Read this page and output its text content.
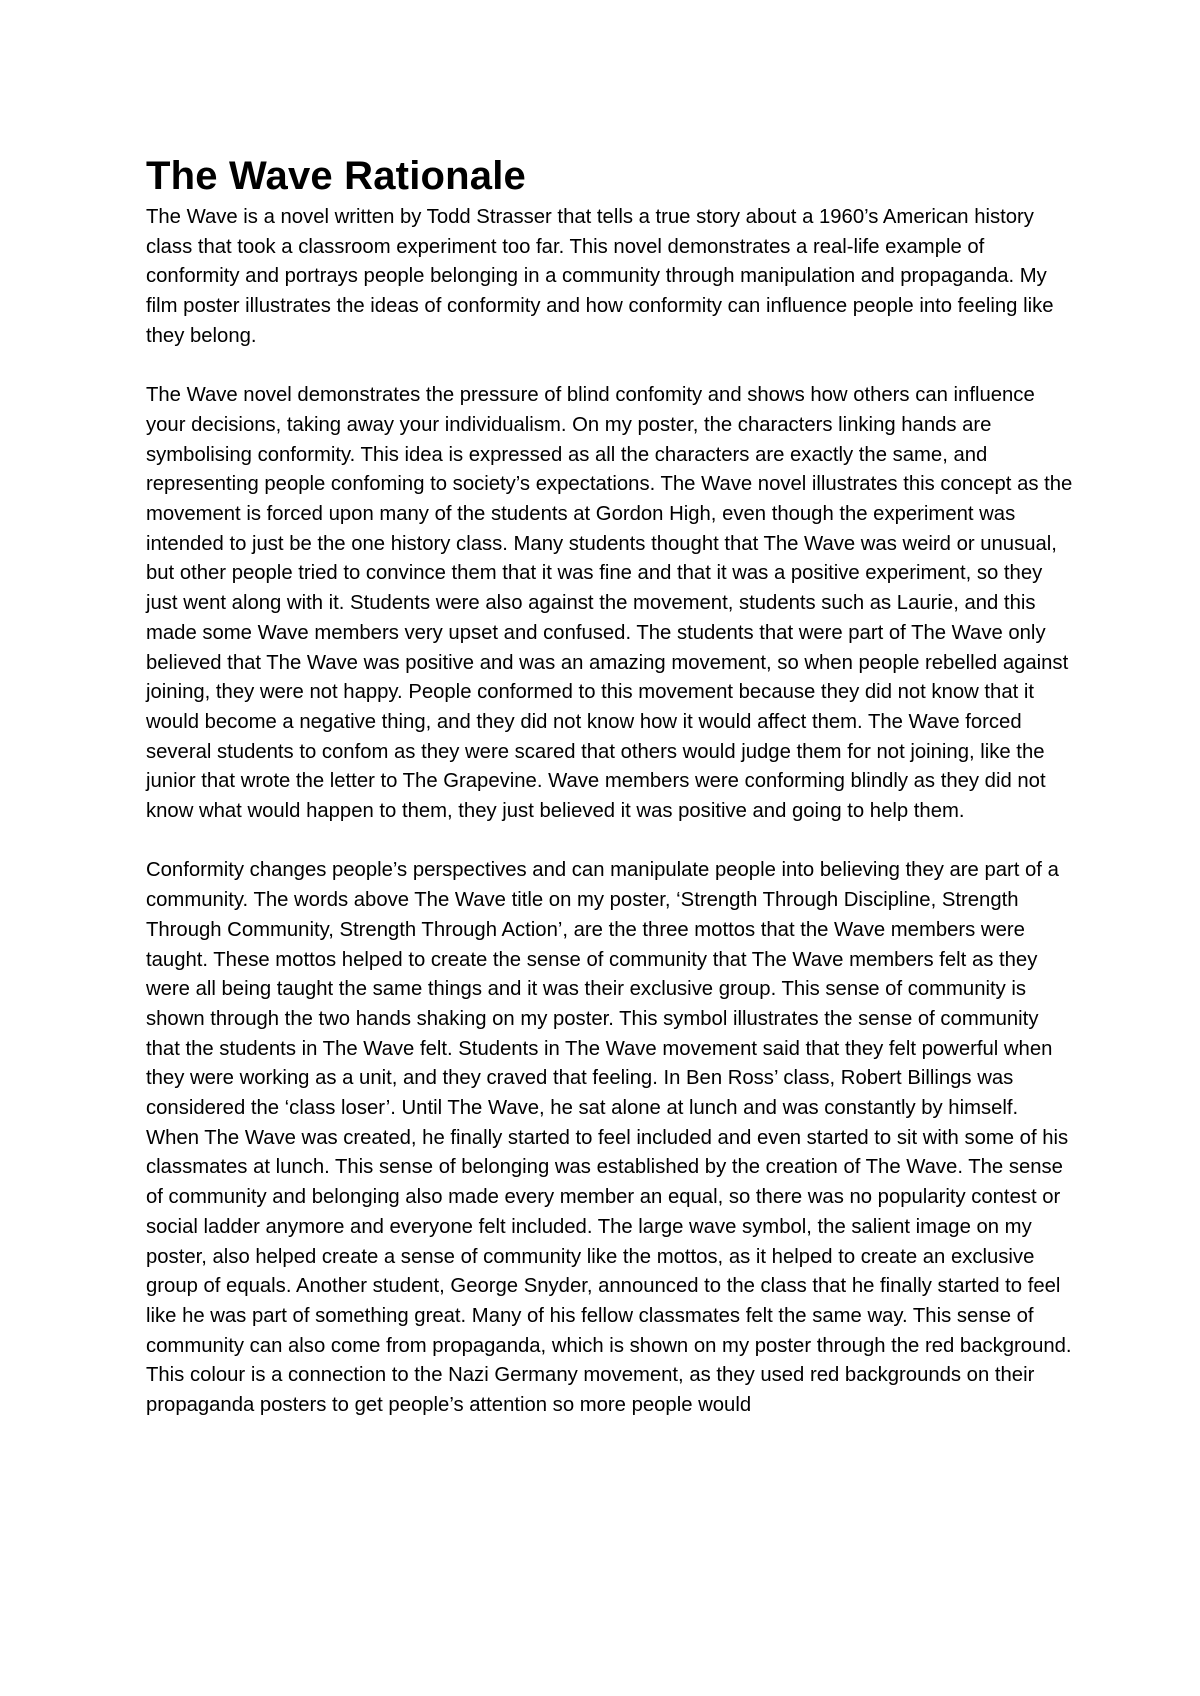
The Wave Rationale

The Wave is a novel written by Todd Strasser that tells a true story about a 1960’s American history class that took a classroom experiment too far. This novel demonstrates a real-life example of conformity and portrays people belonging in a community through manipulation and propaganda. My film poster illustrates the ideas of conformity and how conformity can influence people into feeling like they belong.

The Wave novel demonstrates the pressure of blind confomity and shows how others can influence your decisions, taking away your individualism. On my poster, the characters linking hands are symbolising conformity. This idea is expressed as all the characters are exactly the same, and representing people confoming to society’s expectations. The Wave novel illustrates this concept as the movement is forced upon many of the students at Gordon High, even though the experiment was intended to just be the one history class. Many students thought that The Wave was weird or unusual, but other people tried to convince them that it was fine and that it was a positive experiment, so they just went along with it. Students were also against the movement, students such as Laurie, and this made some Wave members very upset and confused. The students that were part of The Wave only believed that The Wave was positive and was an amazing movement, so when people rebelled against joining, they were not happy. People conformed to this movement because they did not know that it would become a negative thing, and they did not know how it would affect them. The Wave forced several students to confom as they were scared that others would judge them for not joining, like the junior that wrote the letter to The Grapevine. Wave members were conforming blindly as they did not know what would happen to them, they just believed it was positive and going to help them.

Conformity changes people’s perspectives and can manipulate people into believing they are part of a community. The words above The Wave title on my poster, ‘Strength Through Discipline, Strength Through Community, Strength Through Action’, are the three mottos that the Wave members were taught. These mottos helped to create the sense of community that The Wave members felt as they were all being taught the same things and it was their exclusive group. This sense of community is shown through the two hands shaking on my poster. This symbol illustrates the sense of community that the students in The Wave felt. Students in The Wave movement said that they felt powerful when they were working as a unit, and they craved that feeling. In Ben Ross’ class, Robert Billings was considered the ‘class loser’. Until The Wave, he sat alone at lunch and was constantly by himself. When The Wave was created, he finally started to feel included and even started to sit with some of his classmates at lunch. This sense of belonging was established by the creation of The Wave. The sense of community and belonging also made every member an equal, so there was no popularity contest or social ladder anymore and everyone felt included. The large wave symbol, the salient image on my poster, also helped create a sense of community like the mottos, as it helped to create an exclusive group of equals. Another student, George Snyder, announced to the class that he finally started to feel like he was part of something great. Many of his fellow classmates felt the same way. This sense of community can also come from propaganda, which is shown on my poster through the red background. This colour is a connection to the Nazi Germany movement, as they used red backgrounds on their propaganda posters to get people’s attention so more people would
